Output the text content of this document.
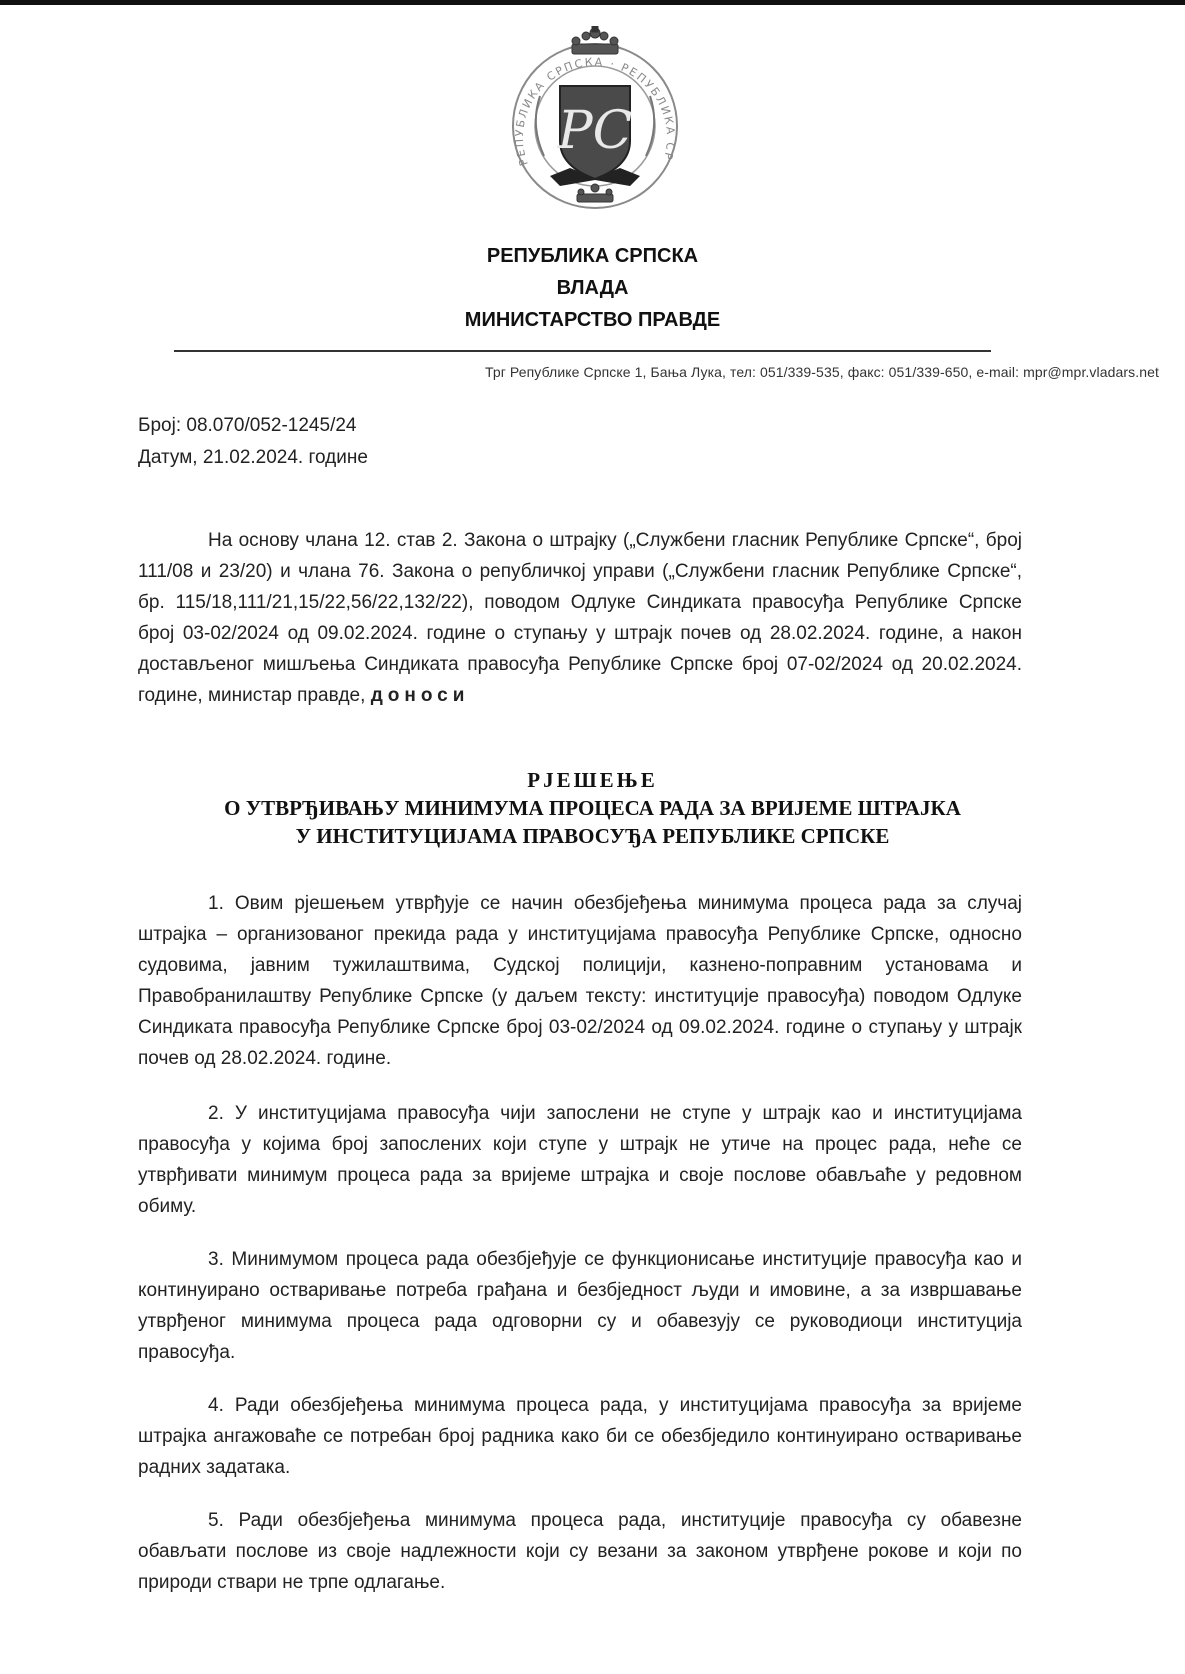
PC
РЕПУБЛИКА СРПСКА · РЕПУБЛИКА СР
РЕПУБЛИКА СРПСКА
ВЛАДА
МИНИСТАРСТВО ПРАВДЕ
Трг Републике Српске 1, Бања Лука, тел: 051/339-535, факс: 051/339-650, e-mail: mpr@mpr.vladars.net
Број: 08.070/052-1245/24
Датум, 21.02.2024. године
На основу члана 12. став 2. Закона о штрајку („Службени гласник Републике Српске“, број 111/08 и 23/20) и члана 76. Закона о републичкој управи („Службени гласник Републике Српске“, бр. 115/18,111/21,15/22,56/22,132/22), поводом Одлуке Синдиката правосуђа Републике Српске број 03-02/2024 од 09.02.2024. године о ступању у штрајк почев од 28.02.2024. године, а након достављеног мишљења Синдиката правосуђа Републике Српске број 07-02/2024 од 20.02.2024. године, министар правде, доноси
РЈЕШЕЊЕ
О УТВРЂИВАЊУ МИНИМУМА ПРОЦЕСА РАДА ЗА ВРИЈЕМЕ ШТРАЈКА
У ИНСТИТУЦИЈАМА ПРАВОСУЂА РЕПУБЛИКЕ СРПСКЕ
1. Овим рјешењем утврђује се начин обезбјеђења минимума процеса рада за случај штрајка – организованог прекида рада у институцијама правосуђа Републике Српске, односно судовима, јавним тужилаштвима, Судској полицији, казнено-поправним установама и Правобранилаштву Републике Српске (у даљем тексту: институције правосуђа) поводом Одлуке Синдиката правосуђа Републике Српске број 03-02/2024 од 09.02.2024. године о ступању у штрајк почев од 28.02.2024. године.
2. У институцијама правосуђа чији запослени не ступе у штрајк као и институцијама правосуђа у којима број запослених који ступе у штрајк не утиче на процес рада, неће се утврђивати минимум процеса рада за вријеме штрајка и своје послове обављаће у редовном обиму.
3. Минимумом процеса рада обезбјеђује се функционисање институције правосуђа као и континуирано остваривање потреба грађана и безбједност људи и имовине, а за извршавање утврђеног минимума процеса рада одговорни су и обавезују се руководиоци институција правосуђа.
4. Ради обезбјеђења минимума процеса рада, у институцијама правосуђа за вријеме штрајка ангажоваће се потребан број радника како би се обезбједило континуирано остваривање радних задатака.
5. Ради обезбјеђења минимума процеса рада, институције правосуђа су обавезне обављати послове из своје надлежности који су везани за законом утврђене рокове и који по природи ствари не трпе одлагање.
